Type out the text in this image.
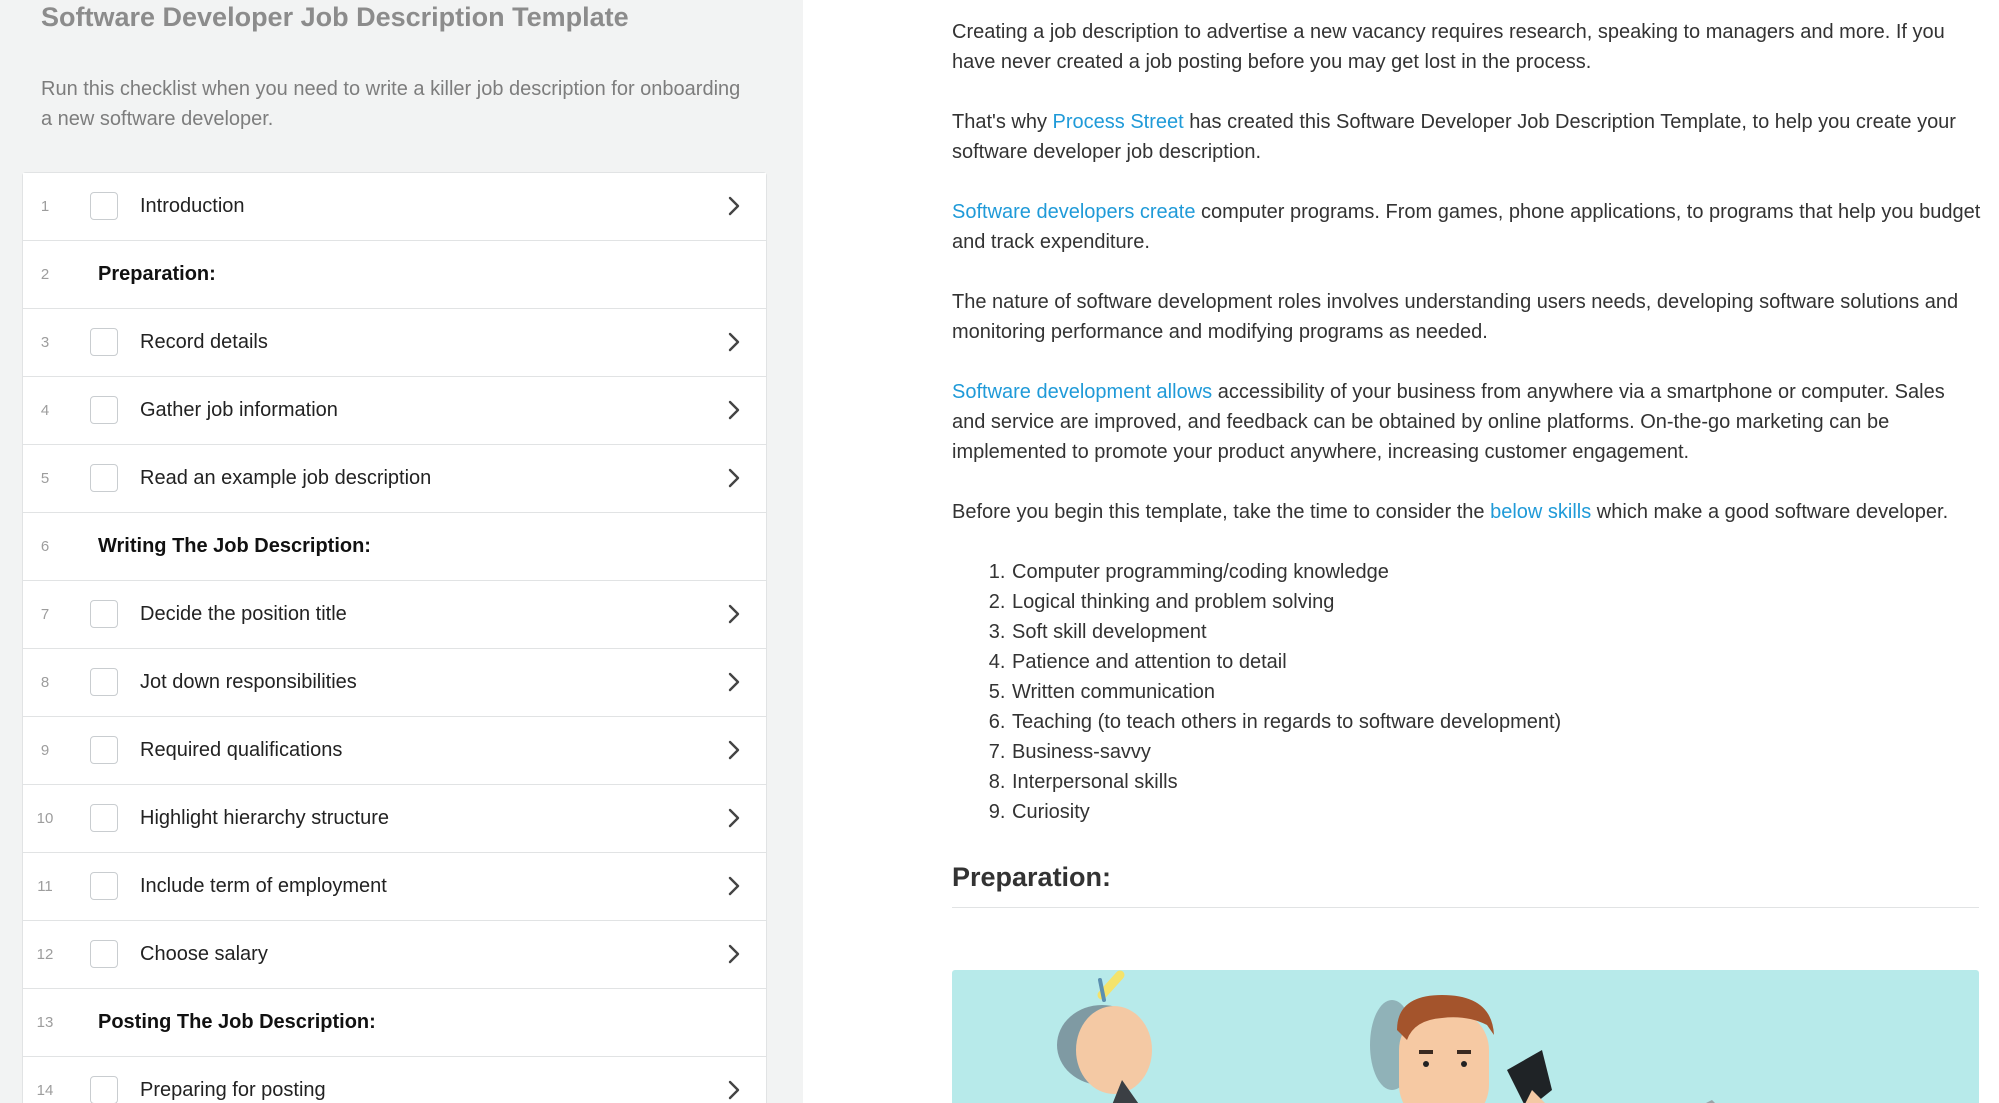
Software Developer Job Description Template

Run this checklist when you need to write a killer job description for onboarding a new software developer.

1	Introduction
2	Preparation:
3	Record details
4	Gather job information
5	Read an example job description
6	Writing The Job Description:
7	Decide the position title
8	Jot down responsibilities
9	Required qualifications
10	Highlight hierarchy structure
11	Include term of employment
12	Choose salary
13	Posting The Job Description:
14	Preparing for posting

Creating a job description to advertise a new vacancy requires research, speaking to managers and more. If you have never created a job posting before you may get lost in the process.

That's why Process Street has created this Software Developer Job Description Template, to help you create your software developer job description.

Software developers create computer programs. From games, phone applications, to programs that help you budget and track expenditure.

The nature of software development roles involves understanding users needs, developing software solutions and monitoring performance and modifying programs as needed.

Software development allows accessibility of your business from anywhere via a smartphone or computer. Sales and service are improved, and feedback can be obtained by online platforms. On-the-go marketing can be implemented to promote your product anywhere, increasing customer engagement.

Before you begin this template, take the time to consider the below skills which make a good software developer.

1. Computer programming/coding knowledge
2. Logical thinking and problem solving
3. Soft skill development
4. Patience and attention to detail
5. Written communication
6. Teaching (to teach others in regards to software development)
7. Business-savvy
8. Interpersonal skills
9. Curiosity
Preparation:
